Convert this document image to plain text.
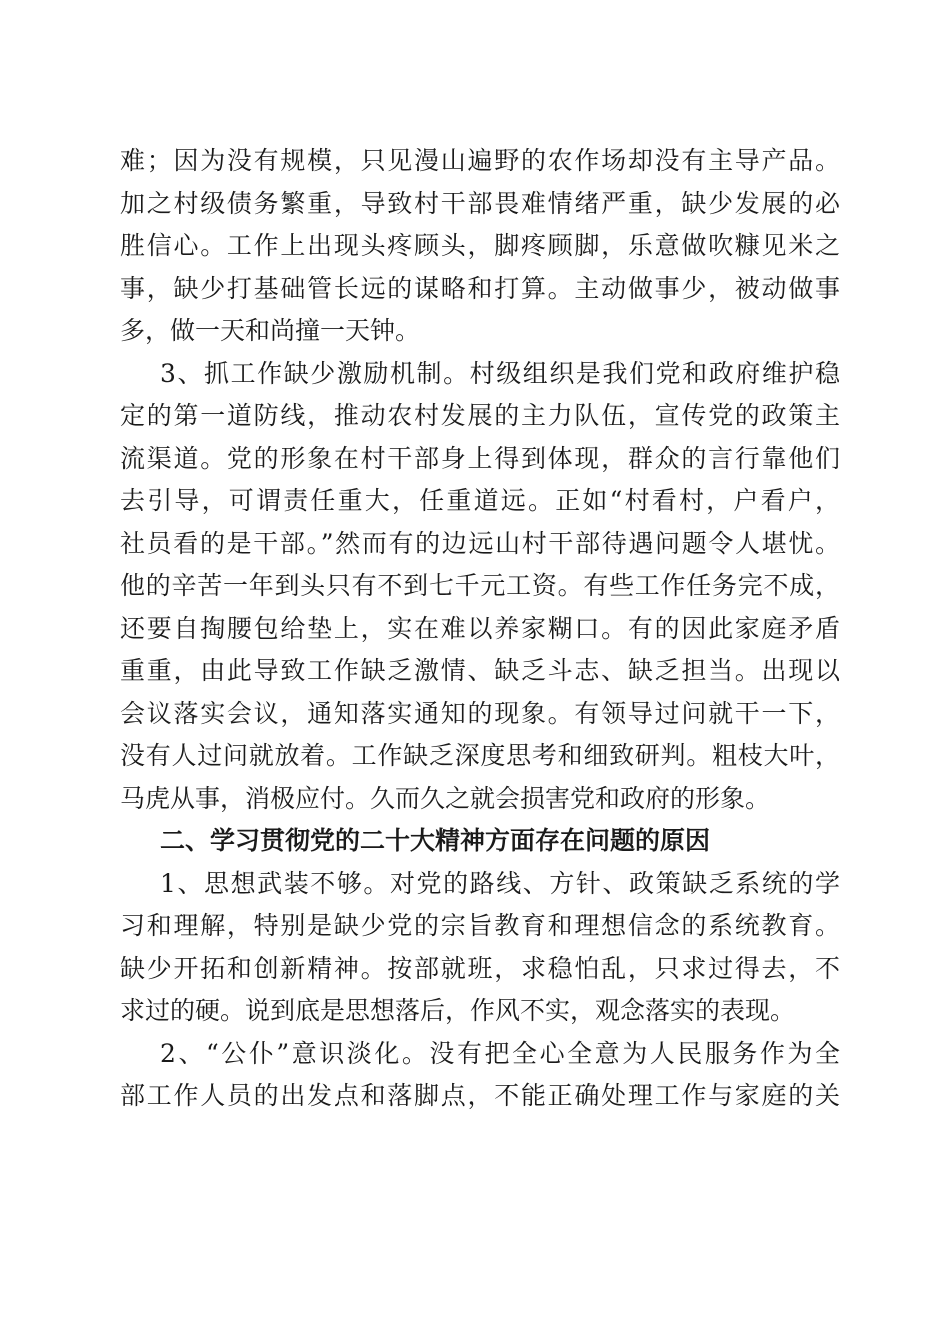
难；因为没有规模，只见漫山遍野的农作场却没有主导产品。
加之村级债务繁重，导致村干部畏难情绪严重，缺少发展的必
胜信心。工作上出现头疼顾头，脚疼顾脚，乐意做吹糠见米之
事，缺少打基础管长远的谋略和打算。主动做事少，被动做事
多，做一天和尚撞一天钟。
3、抓工作缺少激励机制。村级组织是我们党和政府维护稳
定的第一道防线，推动农村发展的主力队伍，宣传党的政策主
流渠道。党的形象在村干部身上得到体现，群众的言行靠他们
去引导，可谓责任重大，任重道远。正如“村看村，户看户，
社员看的是干部。”然而有的边远山村干部待遇问题令人堪忧。
他的辛苦一年到头只有不到七千元工资。有些工作任务完不成，
还要自掏腰包给垫上，实在难以养家糊口。有的因此家庭矛盾
重重，由此导致工作缺乏激情、缺乏斗志、缺乏担当。出现以
会议落实会议，通知落实通知的现象。有领导过问就干一下，
没有人过问就放着。工作缺乏深度思考和细致研判。粗枝大叶，
马虎从事，消极应付。久而久之就会损害党和政府的形象。
二、学习贯彻党的二十大精神方面存在问题的原因
1、思想武装不够。对党的路线、方针、政策缺乏系统的学
习和理解，特别是缺少党的宗旨教育和理想信念的系统教育。
缺少开拓和创新精神。按部就班，求稳怕乱，只求过得去，不
求过的硬。说到底是思想落后，作风不实，观念落实的表现。
2、“公仆”意识淡化。没有把全心全意为人民服务作为全
部工作人员的出发点和落脚点，不能正确处理工作与家庭的关
